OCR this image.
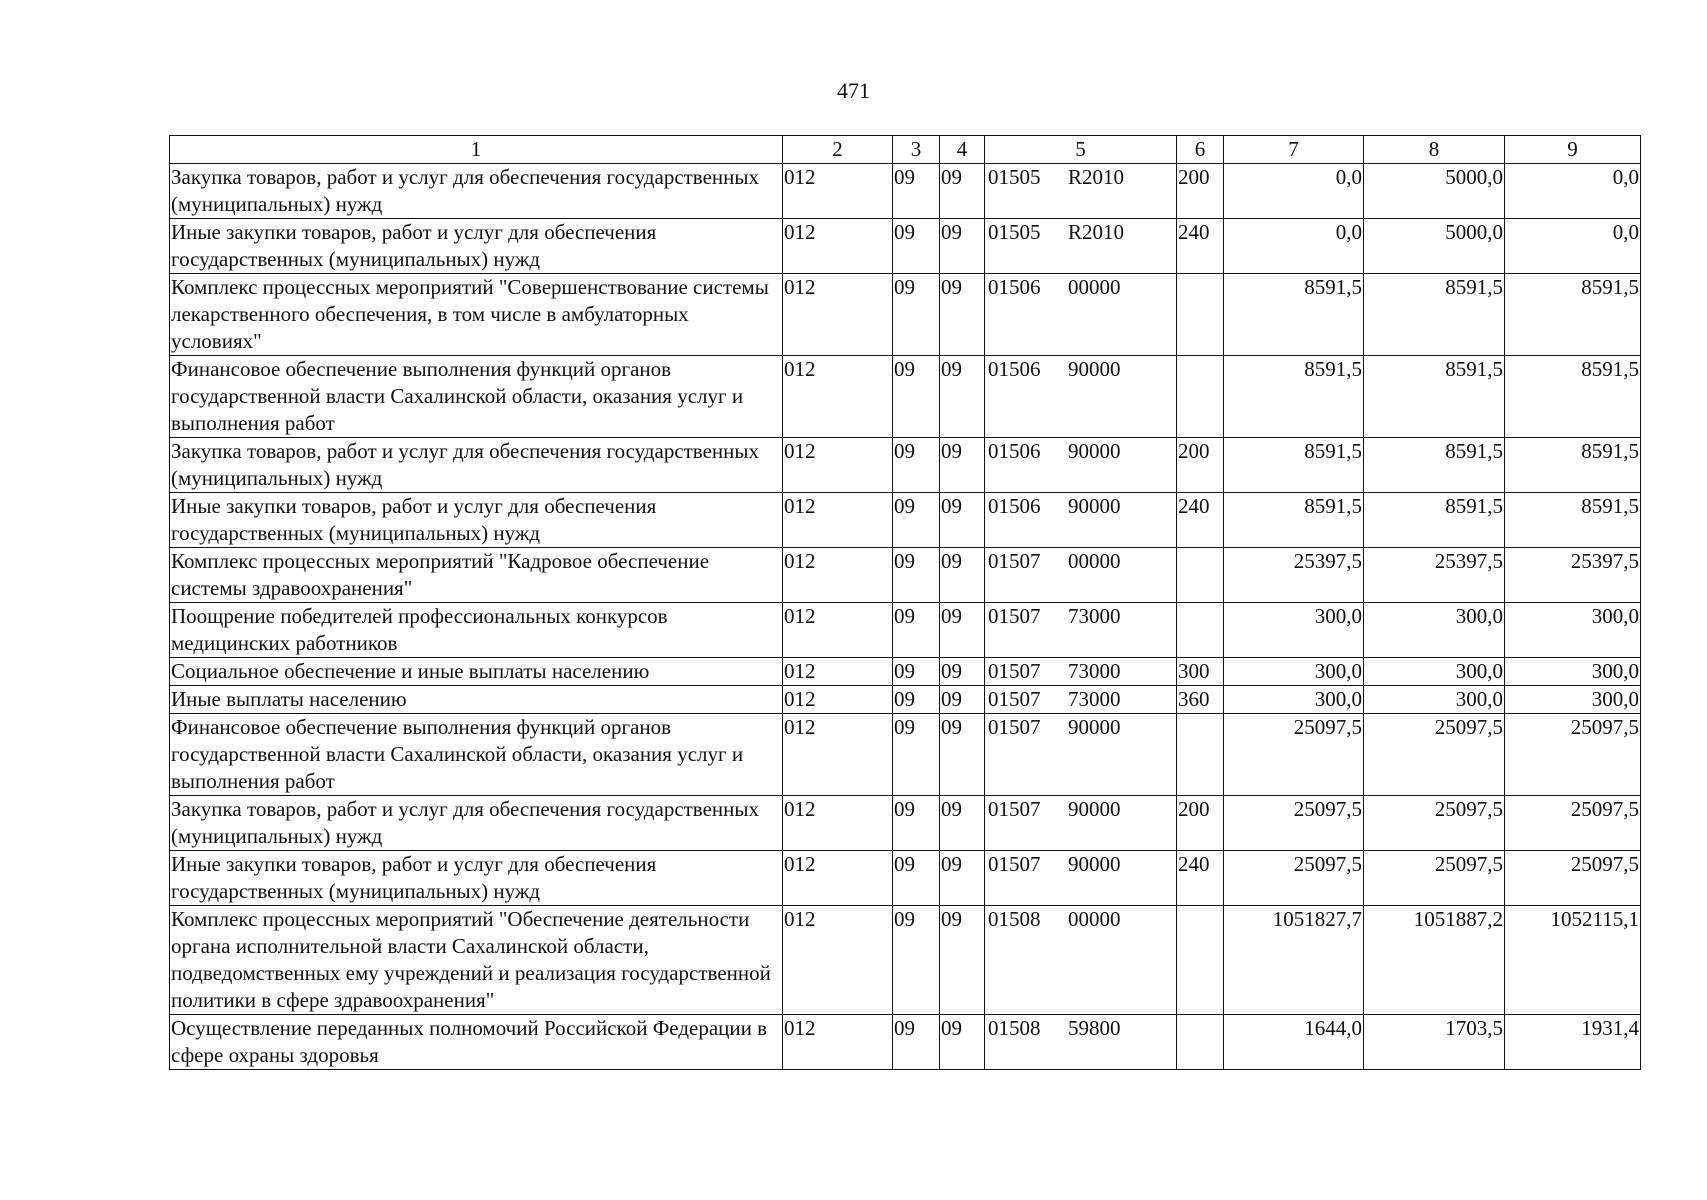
471
1	2	3	4	5	6	7	8	9
Закупка товаров, работ и услуг для обеспечения государственных (муниципальных) нужд	012	09	09	01505 R2010	200	0,0	5000,0	0,0
Иные закупки товаров, работ и услуг для обеспечения государственных (муниципальных) нужд	012	09	09	01505 R2010	240	0,0	5000,0	0,0
Комплекс процессных мероприятий "Совершенствование системы лекарственного обеспечения, в том числе в амбулаторных условиях"	012	09	09	01506 00000		8591,5	8591,5	8591,5
Финансовое обеспечение выполнения функций органов государственной власти Сахалинской области, оказания услуг и выполнения работ	012	09	09	01506 90000		8591,5	8591,5	8591,5
Закупка товаров, работ и услуг для обеспечения государственных (муниципальных) нужд	012	09	09	01506 90000	200	8591,5	8591,5	8591,5
Иные закупки товаров, работ и услуг для обеспечения государственных (муниципальных) нужд	012	09	09	01506 90000	240	8591,5	8591,5	8591,5
Комплекс процессных мероприятий "Кадровое обеспечение системы здравоохранения"	012	09	09	01507 00000		25397,5	25397,5	25397,5
Поощрение победителей профессиональных конкурсов медицинских работников	012	09	09	01507 73000		300,0	300,0	300,0
Социальное обеспечение и иные выплаты населению	012	09	09	01507 73000	300	300,0	300,0	300,0
Иные выплаты населению	012	09	09	01507 73000	360	300,0	300,0	300,0
Финансовое обеспечение выполнения функций органов государственной власти Сахалинской области, оказания услуг и выполнения работ	012	09	09	01507 90000		25097,5	25097,5	25097,5
Закупка товаров, работ и услуг для обеспечения государственных (муниципальных) нужд	012	09	09	01507 90000	200	25097,5	25097,5	25097,5
Иные закупки товаров, работ и услуг для обеспечения государственных (муниципальных) нужд	012	09	09	01507 90000	240	25097,5	25097,5	25097,5
Комплекс процессных мероприятий "Обеспечение деятельности органа исполнительной власти Сахалинской области, подведомственных ему учреждений и реализация государственной политики в сфере здравоохранения"	012	09	09	01508 00000		1051827,7	1051887,2	1052115,1
Осуществление переданных полномочий Российской Федерации в сфере охраны здоровья	012	09	09	01508 59800		1644,0	1703,5	1931,4
